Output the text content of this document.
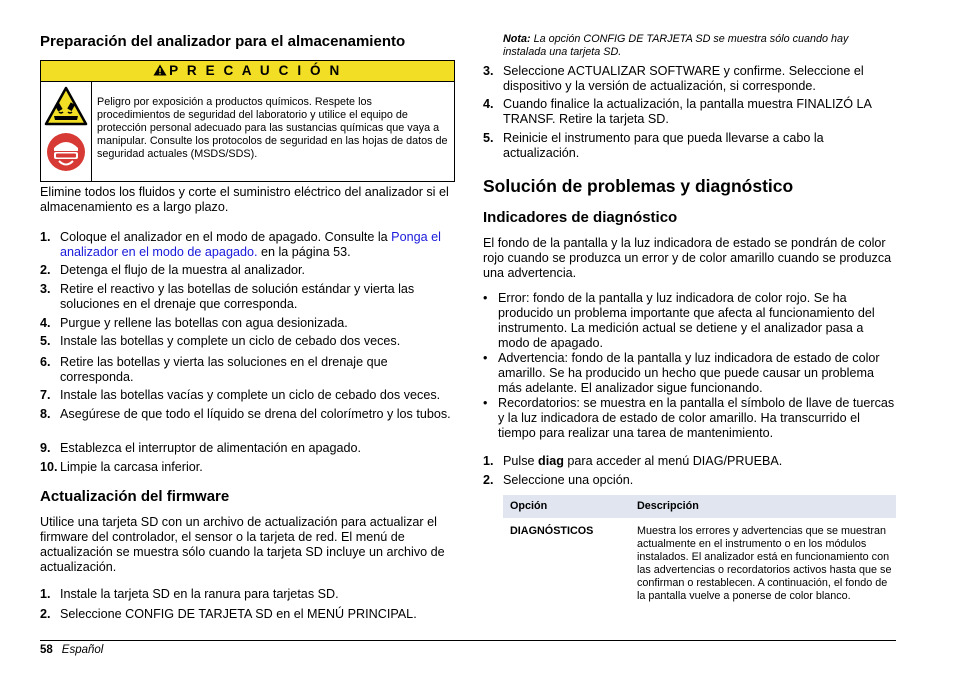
Preparación del analizador para el almacenamiento
P R E C A U C I Ó N

Peligro por exposición a productos químicos. Respete los procedimientos de seguridad del laboratorio y utilice el equipo de protección personal adecuado para las sustancias químicas que vaya a manipular. Consulte los protocolos de seguridad en las hojas de datos de seguridad actuales (MSDS/SDS).

Elimine todos los fluidos y corte el suministro eléctrico del analizador si el almacenamiento es a largo plazo.

1. Coloque el analizador en el modo de apagado. Consulte la Ponga el analizador en el modo de apagado. en la página 53.
2. Detenga el flujo de la muestra al analizador.
3. Retire el reactivo y las botellas de solución estándar y vierta las soluciones en el drenaje que corresponda.
4. Purgue y rellene las botellas con agua desionizada.
5. Instale las botellas y complete un ciclo de cebado dos veces.
6. Retire las botellas y vierta las soluciones en el drenaje que corresponda.
7. Instale las botellas vacías y complete un ciclo de cebado dos veces.
8. Asegúrese de que todo el líquido se drena del colorímetro y los tubos.
9. Establezca el interruptor de alimentación en apagado.
10. Limpie la carcasa inferior.
Actualización del firmware

Utilice una tarjeta SD con un archivo de actualización para actualizar el firmware del controlador, el sensor o la tarjeta de red. El menú de actualización se muestra sólo cuando la tarjeta SD incluye un archivo de actualización.

1. Instale la tarjeta SD en la ranura para tarjetas SD.
2. Seleccione CONFIG DE TARJETA SD en el MENÚ PRINCIPAL.

Nota: La opción CONFIG DE TARJETA SD se muestra sólo cuando hay instalada una tarjeta SD.

3. Seleccione ACTUALIZAR SOFTWARE y confirme. Seleccione el dispositivo y la versión de actualización, si corresponde.
4. Cuando finalice la actualización, la pantalla muestra FINALIZÓ LA TRANSF. Retire la tarjeta SD.
5. Reinicie el instrumento para que pueda llevarse a cabo la actualización.
Solución de problemas y diagnóstico
Indicadores de diagnóstico

El fondo de la pantalla y la luz indicadora de estado se pondrán de color rojo cuando se produzca un error y de color amarillo cuando se produzca una advertencia.

• Error: fondo de la pantalla y luz indicadora de color rojo. Se ha producido un problema importante que afecta al funcionamiento del instrumento. La medición actual se detiene y el analizador pasa a modo de apagado.
• Advertencia: fondo de la pantalla y luz indicadora de estado de color amarillo. Se ha producido un hecho que puede causar un problema más adelante. El analizador sigue funcionando.
• Recordatorios: se muestra en la pantalla el símbolo de llave de tuercas y la luz indicadora de estado de color amarillo. Ha transcurrido el tiempo para realizar una tarea de mantenimiento.
1. Pulse diag para acceder al menú DIAG/PRUEBA.
2. Seleccione una opción.
Opción	Descripción
DIAGNÓSTICOS	Muestra los errores y advertencias que se muestran actualmente en el instrumento o en los módulos instalados. El analizador está en funcionamiento con las advertencias o recordatorios activos hasta que se confirman o restablecen. A continuación, el fondo de la pantalla vuelve a ponerse de color blanco.
58 Español
